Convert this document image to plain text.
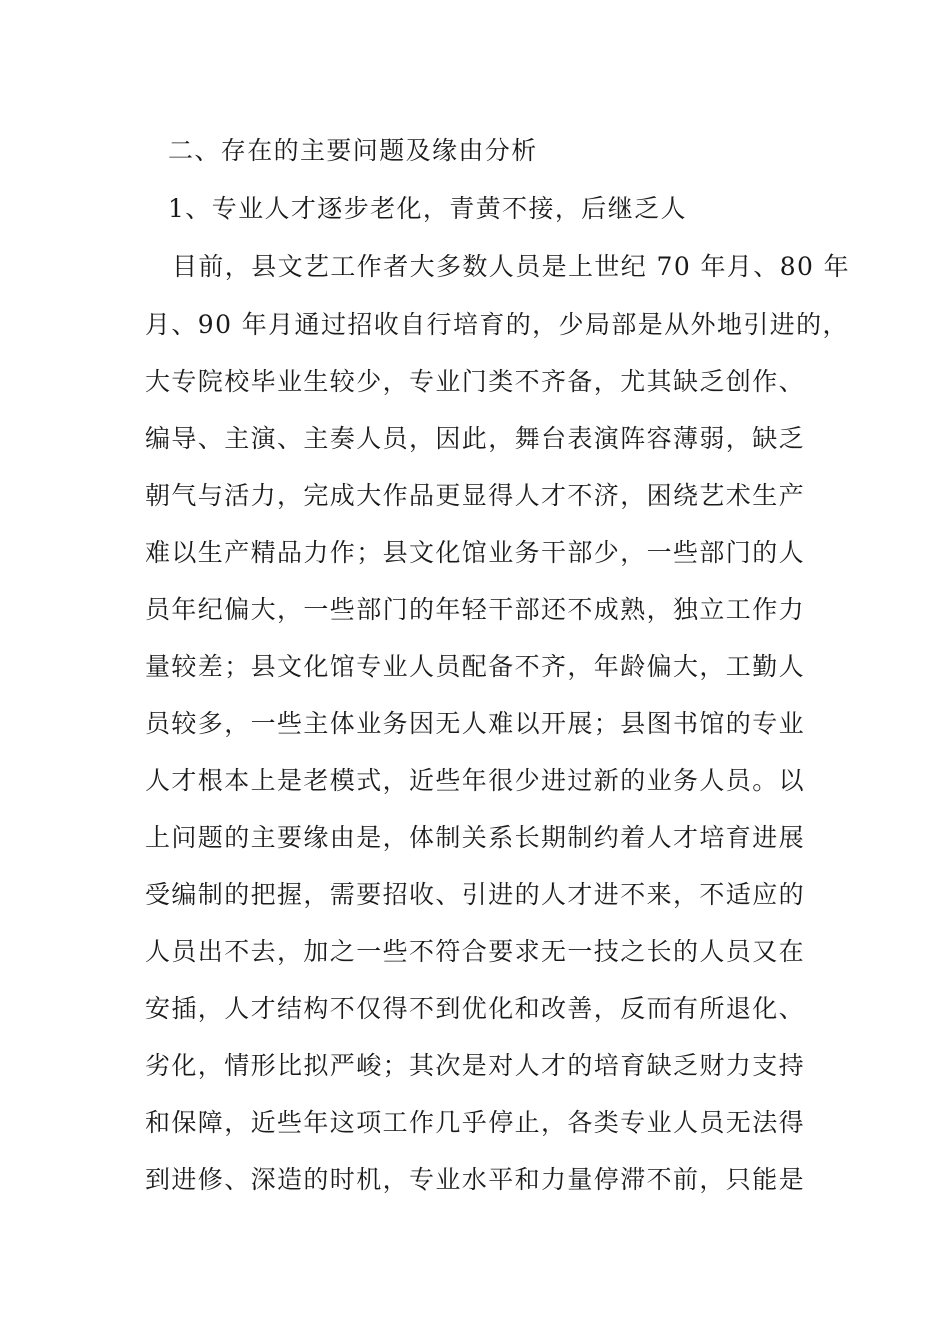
二、存在的主要问题及缘由分析
1、专业人才逐步老化，青黄不接，后继乏人
目前，县文艺工作者大多数人员是上世纪 70 年月、80 年
月、90 年月通过招收自行培育的，少局部是从外地引进的，
大专院校毕业生较少，专业门类不齐备，尤其缺乏创作、
编导、主演、主奏人员，因此，舞台表演阵容薄弱，缺乏
朝气与活力，完成大作品更显得人才不济，困绕艺术生产
难以生产精品力作；县文化馆业务干部少，一些部门的人
员年纪偏大，一些部门的年轻干部还不成熟，独立工作力
量较差；县文化馆专业人员配备不齐，年龄偏大，工勤人
员较多，一些主体业务因无人难以开展；县图书馆的专业
人才根本上是老模式，近些年很少进过新的业务人员。以
上问题的主要缘由是，体制关系长期制约着人才培育进展
受编制的把握，需要招收、引进的人才进不来，不适应的
人员出不去，加之一些不符合要求无一技之长的人员又在
安插，人才结构不仅得不到优化和改善，反而有所退化、
劣化，情形比拟严峻；其次是对人才的培育缺乏财力支持
和保障，近些年这项工作几乎停止，各类专业人员无法得
到进修、深造的时机，专业水平和力量停滞不前，只能是
